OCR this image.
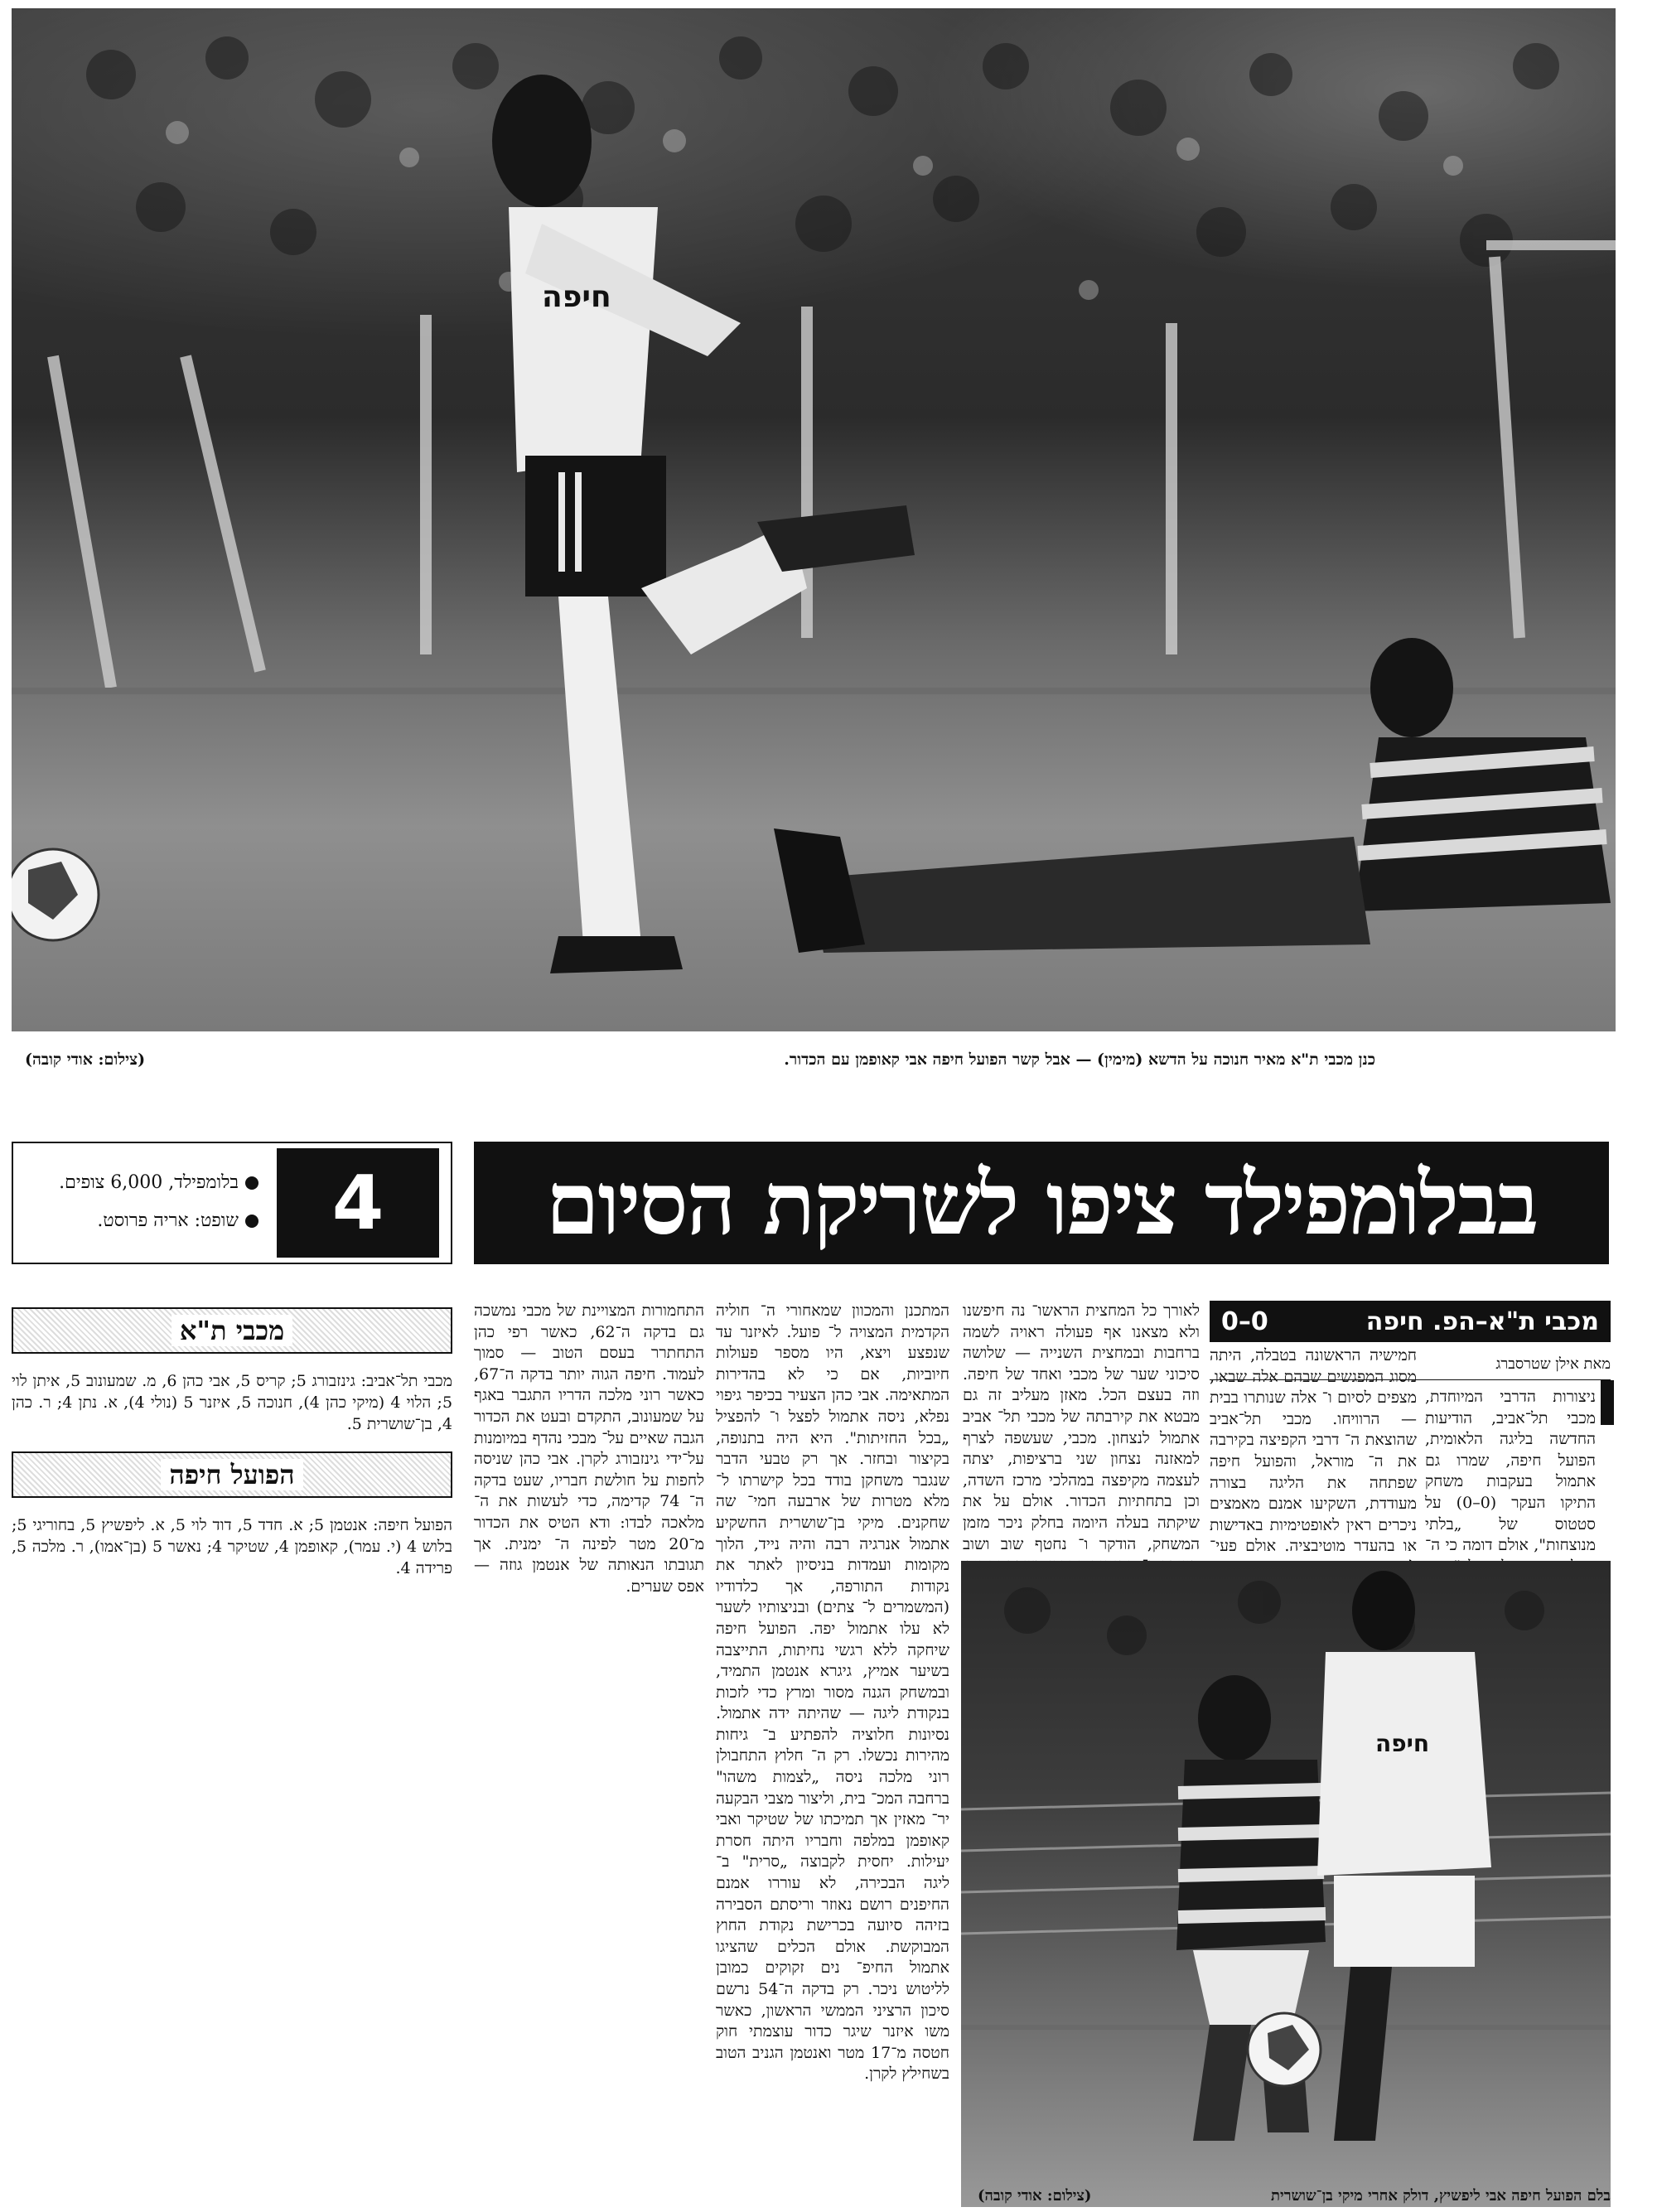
חיפה
כנן מכבי ת"א מאיר חנוכה על הדשא (מימין) — אבל קשר הפועל חיפה אבי קאופמן עם הכדור.
(צילום: אודי קובה)
בבלומפילד ציפו לשריקת הסיום
4
בלומפילד, 6,000 צופים.
שופט: אריה פרוסט.
מכבי ת"א
מכבי תל־אביב: גינזבורג 5; קריס 5, אבי כהן 6, מ. שמעונוב 5, איתן לוי 5; הלוי 4 (מיקי כהן 4), חנוכה 5, איזנר 5 (נולי 4), א. נתן 4; ר. כהן 4, בן־שושרית 5.
הפועל חיפה
הפועל חיפה: אנטמן 5; א. חדד 5, דוד לוי 5, א. ליפשיץ 5, בחוריגי 5; בלוש 4 (י. עמר), קאופמן 4, שטיקר 4; נאשר 5 (בן־אמו), ר. מלכה 5, פרידה 4.
מכבי ת"א–הפ. חיפה
0–0
מאת אילן שטרסברג
ניצורות הדרבי המיוחדת, מכבי תל־אביב, הודיעות החדשה בליגה הלאומית, הפועל חיפה, שמרו גם אתמול בעקבות משחק התיקו העקר (0–0) על סטטוס של „בלתי מנוצחות", אולם דומה כי ה־
חמישיה הראשונה בטבלה, היתה מסוג המפגשים שבהם אלה שבאו, מצפים לסיום ו־ אלה שנותרו בבית — הרוויחו. מכבי תל־אביב שהוצאת ה־ דרבי הקפיצה בקירבה את ה־ מוראל, והפועל חיפה שפתחה את הליגה בצורה מעודדת, השקיעו אמנם מאמצים ניכרים ראין לאופטימיות באדישות או בהעדר מוטיבציה. אולם פעי־
לאורך כל המחצית הראשו־ נה חיפשנו ולא מצאנו אף פעולה ראויה לשמה ברחבות ובמחצית השנייה — שלושה סיכוני שער של מכבי ואחד של חיפה. וזה בעצם הכל. מאזן מעליב זה גם מבטא את קירבתה של מכבי תל־ אביב אתמול לנצחון. מכבי, שעשפה לצרף למאזנה נצחון שני ברציפות, יצתה לעצמה מקיפצה במהלכי מרכז השדה, וכן בתחתיות הכדור. אולם על את שיקתה בעלה היומה בחלק ניכר מזמן המשחק, הודקר ו־ נחטף שוב ושוב
המתכנן והמכוון שמאחורי ה־ חוליה הקדמית המצויה ל־ פועל. לאיזנר עד שנפצע ויצא, היו מספר פעולות חיוביות, אם כי לא בהדירות המתאימה. אבי כהן הצעיר בכיפר גיפוי נפלא, ניסה אתמול לפצל ו־ להפציל „בכל החזיתות". היא היה בתנופה, בקיצור ובחזר. אך רק טבעי הדבר שנגבר משחקן בודד בכל קישרתו ל־ מלא מטרות של ארבעה חמי־ שה שחקנים. מיקי בן־שושרית החשקיע אתמול אנרגיה רבה והיה נייד, הלוך מקומות ועמדות בניסיון לאתר את נקודות התורפה, אך כלדודיו (המשמרים ל־ צתים) ובניצותיו לשער לא עלו אתמול יפה. הפועל חיפה שיחקה ללא רגשי נחיתות, התייצבה בשיער אמיץ, גיגרא אנטמן התמיד, ובמשחק הגנה מסור ומרץ כדי לזכות בנקודת ליגה — שהיתה ידה אתמול. נסיונות חלוציה להפתיע ב־ גיחות מהירות נכשלו. רק ה־ חלוץ התחבולן רוני מלכה ניסה „לצמות משהו" ברחבה המכ־ בית, וליצור מצבי הבקעה יר־ מאזין אך תמיכתו של שטיקר ואבי קאופמן במלפה וחבריו היתה חסרת יעילות. יחסית לקבוצה „סרית" ב־ ליגה הבכירה, לא עוררו אמנם החיפנים רושם נאוזר וריסתם הסבירה בזיהה סיועה בכרישת נקודת החוץ המבוקשת. אולם הכלים שהציגו אתמול החיפ־ נים זקוקים כמובן לליטוש ניכר. רק בדקה ה־54 נרשם סיכון הרציני הממשי הראשון, כאשר משו איזנר שיגר כדור עוצמתי חוק חטסה מ־17 מטר ואנטמן הגניב הטוב בשחילץ לקרן.
התחמורות המצויינת של מכבי נמשכה גם בדקה ה־62, כאשר רפי כהן התחתרר בעסם הטוב — סמוך לעמוד. חיפה הגוה יותר בדקה ה־67, כאשר רוני מלכה הדריו התגבר באגף על שמעונוב, התקדם ובעט את הכדור הגבה שאיים על־ מבכי נהדף במיומנות על־ידי גינזבורג לקרן. אבי כהן שניסה לחפות על חולשת חבריו, שעט בדקה ה־ 74 קדימה, כדי לעשות את ה־ מלאכה לבדו: ודא הטיס את הכדור מ־20 מטר לפינה ה־ ימנית. אך תגובתו הנאותה של אנטמן גוזה — אפס שערים.
חיפה
בלם הפועל חיפה אבי ליפשיץ, דולק אחרי מיקי בן־שושרית
(צילום: אודי קובה)
